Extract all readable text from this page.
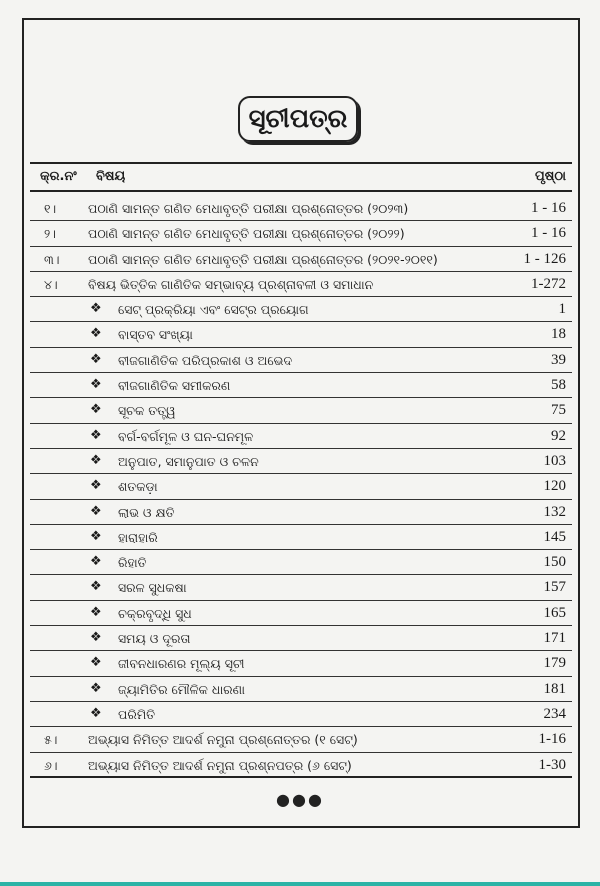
ସୂଚୀପତ୍ର
କ୍ର.ନଂ ବିଷୟ	ପୃଷ୍ଠା
୧।	ପଠାଣି ସାମନ୍ତ ଗଣିତ ମେଧାବୃତ୍ତି ପରୀକ୍ଷା ପ୍ରଶ୍ନୋତ୍ତର (୨୦୨୩)	1 - 16
୨।	ପଠାଣି ସାମନ୍ତ ଗଣିତ ମେଧାବୃତ୍ତି ପରୀକ୍ଷା ପ୍ରଶ୍ନୋତ୍ତର (୨୦୨୨)	1 - 16
୩। ପଠାଣି ସାମନ୍ତ ଗଣିତ ମେଧାବୃତ୍ତି ପରୀକ୍ଷା ପ୍ରଶ୍ନୋତ୍ତର (୨୦୨୧-୨୦୧୧)	1 - 126
୪। ବିଷୟ ଭିତ୍ତିକ ଗାଣିତିକ ସମ୍ଭାବ୍ୟ ପ୍ରଶ୍ନାବଳୀ ଓ ସମାଧାନ	1-272
❖ ସେଟ୍ ପ୍ରକ୍ରିୟା ଏବଂ ସେଟ୍‌ର ପ୍ରୟୋଗ	1
❖ ବାସ୍ତବ ସଂଖ୍ୟା	18
❖ ବୀଜଗାଣିତିକ ପରିପ୍ରକାଶ ଓ ଅଭେଦ	39
❖ ବୀଜଗାଣିତିକ ସମୀକରଣ	58
❖ ସୂଚକ ତତ୍ତ୍ୱ	75
❖ ବର୍ଗ-ବର୍ଗମୂଳ ଓ ଘନ-ଘନମୂଳ	92
❖ ଅନୁପାତ, ସମାନୁପାତ ଓ ଚଳନ	103
❖ ଶତକଡ଼ା	120
❖ ଲାଭ ଓ କ୍ଷତି	132
❖ ହାରାହାରି	145
❖ ରିହାତି	150
❖ ସରଳ ସୁଧକଷା	157
❖ ଚକ୍ରବୃଦ୍ଧି ସୁଧ	165
❖ ସମୟ ଓ ଦୂରତା	171
❖ ଜୀବନଧାରଣର ମୂଲ୍ୟ ସୂଚୀ	179
❖ ଜ୍ୟାମିତିର ମୌଳିକ ଧାରଣା	181
❖ ପରିମିତି	234
୫। ଅଭ୍ୟାସ ନିମିତ୍ତ ଆଦର୍ଶ ନମୁନା ପ୍ରଶ୍ନୋତ୍ତର (୧ ସେଟ୍)	1-16
୬। ଅଭ୍ୟାସ ନିମିତ୍ତ ଆଦର୍ଶ ନମୁନା ପ୍ରଶ୍ନପତ୍ର (୬ ସେଟ୍)	1-30
●●●
